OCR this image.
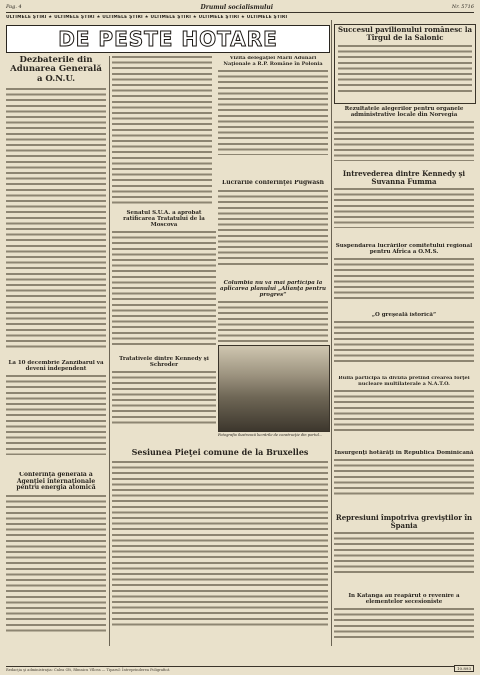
Pag. 4	Drumul socialismului	Nr. 5716
ULTIMELE ŞTIRI ★ ULTIMELE ŞTIRI ★ ULTIMELE ŞTIRI ★ ULTIMELE ŞTIRI ★ ULTIMELE ŞTIRI ★ ULTIMELE ŞTIRI
DE PESTE HOTARE
Dezbaterile din Adunarea Generală a O.N.U.
La 10 decembrie Zanzibarul va deveni independent
Conferinţa generală a Agenţiei internaţionale pentru energia atomică
Senatul S.U.A. a aprobat ratificarea Tratatului de la Moscova
Tratativele dintre Kennedy şi Schroder
Vizita delegaţiei Marii Adunări Naţionale a R.P. Române în Polonia
Lucrările conferinţei Pugwash
Columbia nu va mai participa la aplicarea planului „Alianţa pentru progres“
Fotografia ilustrează lucrările de construcţie din portul...
Sesiunea Pieţei comune de la Bruxelles
Succesul pavilionului românesc la Tîrgul de la Salonic
Rezultatele alegerilor pentru organele administrative locale din Norvegia
Intrevederea dintre Kennedy şi Suvanna Fumma
Suspendarea lucrărilor comitetului regional pentru Africa a O.M.S.
„O greşeală istorică“
Bulla participă la divizia pretind crearea forţei nucleare multilaterale a N.A.T.O.
Insurgenţi hotărăţi în Republica Dominicană
Represiuni împotriva greviştilor în Spania
In Katanga au reapărut o revenire a elementelor secesioniste
Redacţia şi administraţia: Calea Olt, Rîmnicu Vîlcea — Tiparul: Întreprinderea Poligrafică	10.893
